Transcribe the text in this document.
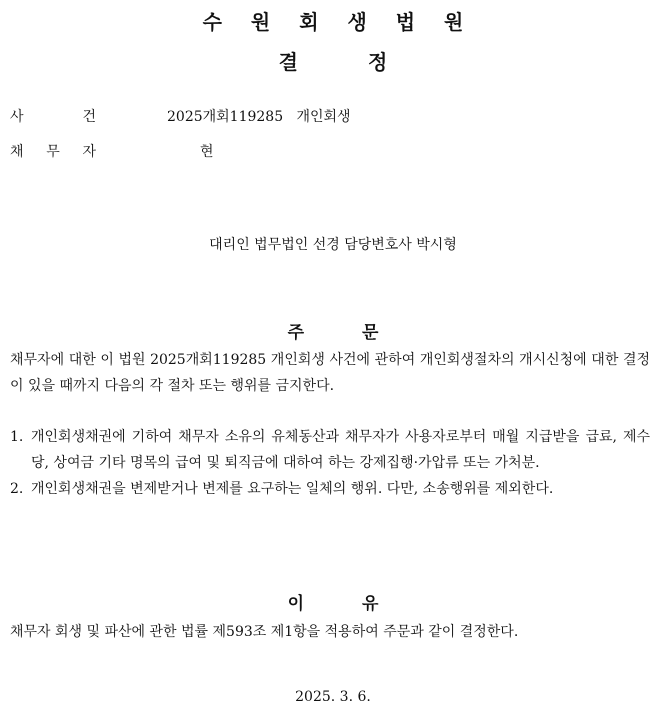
수 원 회 생 법 원
결	정
사	건	2025개회119285   개인회생
채 무 자	현
대리인 법무법인 선경 담당변호사 박시형
주	문

채무자에 대한 이 법원 2025개회119285 개인회생 사건에 관하여 개인회생절차의 개시신청에 대한 결정이 있을 때까지 다음의 각 절차 또는 행위를 금지한다.

1. 개인회생채권에 기하여 채무자 소유의 유체동산과 채무자가 사용자로부터 매월 지급받을 급료, 제수당, 상여금 기타 명목의 급여 및 퇴직금에 대하여 하는 강제집행·가압류 또는 가처분.
2. 개인회생채권을 변제받거나 변제를 요구하는 일체의 행위. 다만, 소송행위를 제외한다.
이	유

채무자 회생 및 파산에 관한 법률 제593조 제1항을 적용하여 주문과 같이 결정한다.

2025. 3. 6.
